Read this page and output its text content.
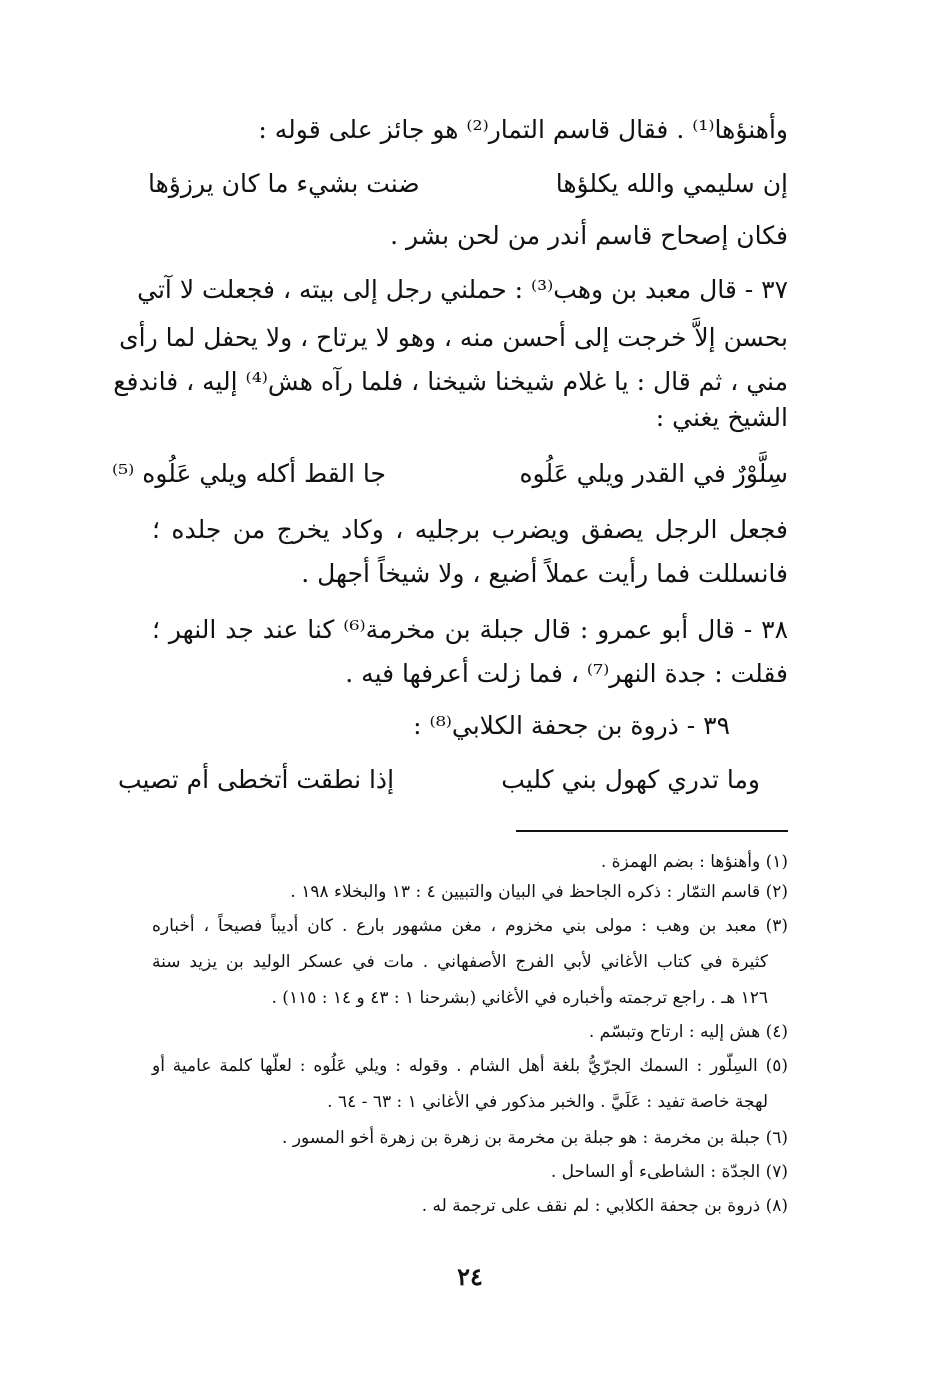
وأهنؤها⁽¹⁾ . فقال قاسم التمار⁽²⁾ هو جائز على قوله :
إن سليمي والله يكلؤها
ضنت بشيء ما كان يرزؤها
فكان إصحاح قاسم أندر من لحن بشر .
٣٧ - قال معبد بن وهب⁽³⁾ : حملني رجل إلى بيته ، فجعلت لا آتي
بحسن إلاَّ خرجت إلى أحسن منه ، وهو لا يرتاح ، ولا يحفل لما رأى
مني ، ثم قال : يا غلام شيخنا شيخنا ، فلما رآه هش⁽⁴⁾ إليه ، فاندفع
الشيخ يغني :
سِلَّوْرٌ في القدر ويلي عَلُوه
جا القط أكله ويلي عَلُوه ⁽⁵⁾
فجعل الرجل يصفق ويضرب برجليه ، وكاد يخرج من جلده ؛
فانسللت فما رأيت عملاً أضيع ، ولا شيخاً أجهل .
٣٨ - قال أبو عمرو : قال جبلة بن مخرمة⁽⁶⁾ كنا عند جد النهر ؛
فقلت : جدة النهر⁽⁷⁾ ، فما زلت أعرفها فيه .
٣٩ - ذروة بن جحفة الكلابي⁽⁸⁾ :
وما تدري كهول بني كليب
إذا نطقت أتخطى أم تصيب
(١) وأهنؤها : بضم الهمزة .
(٢) قاسم التمّار : ذكره الجاحظ في البيان والتبيين ٤ : ١٣ والبخلاء ١٩٨ .
(٣) معبد بن وهب : مولى بني مخزوم ، مغن مشهور بارع . كان أديباً فصيحاً ، أخباره
كثيرة في كتاب الأغاني لأبي الفرج الأصفهاني . مات في عسكر الوليد بن يزيد سنة
١٢٦ هـ . راجع ترجمته وأخباره في الأغاني (بشرحنا ١ : ٤٣ و ١٤ : ١١٥) .
(٤) هش إليه : ارتاح وتبسّم .
(٥) السِلّور : السمك الجرّيُّ بلغة أهل الشام . وقوله : ويلي عَلُوه : لعلّها كلمة عامية أو
لهجة خاصة تفيد : عَلَيَّ . والخبر مذكور في الأغاني ١ : ٦٣ - ٦٤ .
(٦) جبلة بن مخرمة : هو جبلة بن مخرمة بن زهرة بن زهرة أخو المسور .
(٧) الجدّة : الشاطىء أو الساحل .
(٨) ذروة بن جحفة الكلابي : لم نقف على ترجمة له .
٢٤
